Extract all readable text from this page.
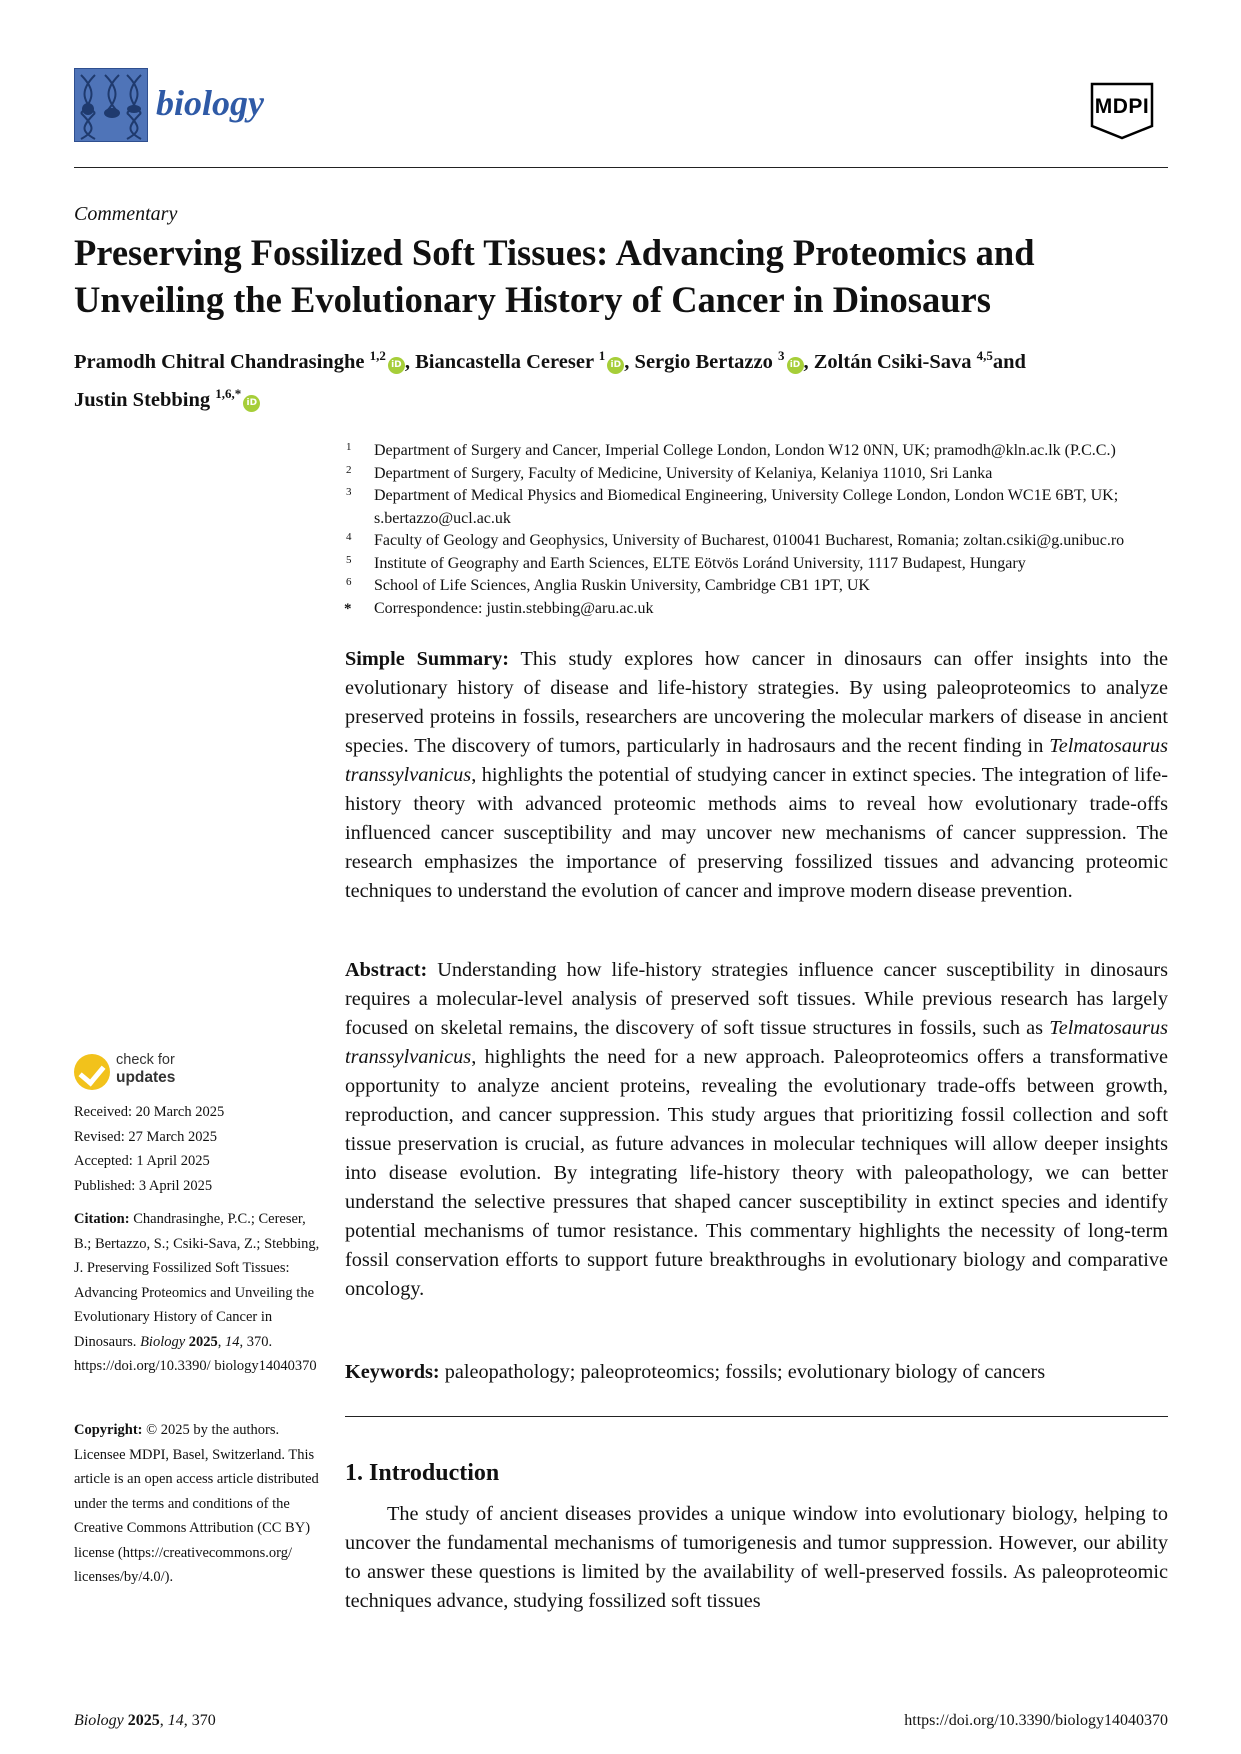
biology	MDPI
Commentary
Preserving Fossilized Soft Tissues: Advancing Proteomics and Unveiling the Evolutionary History of Cancer in Dinosaurs
Pramodh Chitral Chandrasinghe $^{1,2}$iD , Biancastella Cereser $^1$iD , Sergio Bertazzo $^3$iD , Zoltán Csiki-Sava $^{4,5}$and
Justin Stebbing $^{1,6,*}$iD
1 Department of Surgery and Cancer, Imperial College London, London W12 0NN, UK; pramodh@kln.ac.lk (P.C.C.)
2 Department of Surgery, Faculty of Medicine, University of Kelaniya, Kelaniya 11010, Sri Lanka
3 Department of Medical Physics and Biomedical Engineering, University College London, London WC1E 6BT, UK; s.bertazzo@ucl.ac.uk
4 Faculty of Geology and Geophysics, University of Bucharest, 010041 Bucharest, Romania; zoltan.csiki@g.unibuc.ro
5 Institute of Geography and Earth Sciences, ELTE Eötvös Loránd University, 1117 Budapest, Hungary
6 School of Life Sciences, Anglia Ruskin University, Cambridge CB1 1PT, UK
* Correspondence: justin.stebbing@aru.ac.uk
Simple Summary: This study explores how cancer in dinosaurs can offer insights into the evolutionary history of disease and life-history strategies. By using paleoproteomics to analyze preserved proteins in fossils, researchers are uncovering the molecular markers of disease in ancient species. The discovery of tumors, particularly in hadrosaurs and the recent finding in Telmatosaurus transsylvanicus, highlights the potential of studying cancer in extinct species. The integration of life-history theory with advanced proteomic methods aims to reveal how evolutionary trade-offs influenced cancer susceptibility and may uncover new mechanisms of cancer suppression. The research emphasizes the importance of preserving fossilized tissues and advancing proteomic techniques to understand the evolution of cancer and improve modern disease prevention.
Abstract: Understanding how life-history strategies influence cancer susceptibility in dinosaurs requires a molecular-level analysis of preserved soft tissues. While previous research has largely focused on skeletal remains, the discovery of soft tissue structures in fossils, such as Telmatosaurus transsylvanicus, highlights the need for a new approach. Paleoproteomics offers a transformative opportunity to analyze ancient proteins, revealing the evolutionary trade-offs between growth, reproduction, and cancer suppression. This study argues that prioritizing fossil collection and soft tissue preservation is crucial, as future advances in molecular techniques will allow deeper insights into disease evolution. By integrating life-history theory with paleopathology, we can better understand the selective pressures that shaped cancer susceptibility in extinct species and identify potential mechanisms of tumor resistance. This commentary highlights the necessity of long-term fossil conservation efforts to support future breakthroughs in evolutionary biology and comparative oncology.
Keywords: paleopathology; paleoproteomics; fossils; evolutionary biology of cancers
1. Introduction
The study of ancient diseases provides a unique window into evolutionary biology, helping to uncover the fundamental mechanisms of tumorigenesis and tumor suppression. However, our ability to answer these questions is limited by the availability of well-preserved fossils. As paleoproteomic techniques advance, studying fossilized soft tissues
check for
updates
Received: 20 March 2025
Revised: 27 March 2025
Accepted: 1 April 2025
Published: 3 April 2025
Citation: Chandrasinghe, P.C.; Cereser, B.; Bertazzo, S.; Csiki-Sava, Z.; Stebbing, J. Preserving Fossilized Soft Tissues: Advancing Proteomics and Unveiling the Evolutionary History of Cancer in Dinosaurs. Biology 2025, 14, 370. https://doi.org/10.3390/ biology14040370
Copyright: © 2025 by the authors. Licensee MDPI, Basel, Switzerland. This article is an open access article distributed under the terms and conditions of the Creative Commons Attribution (CC BY) license (https://creativecommons.org/ licenses/by/4.0/).
Biology 2025, 14, 370	https://doi.org/10.3390/biology14040370
